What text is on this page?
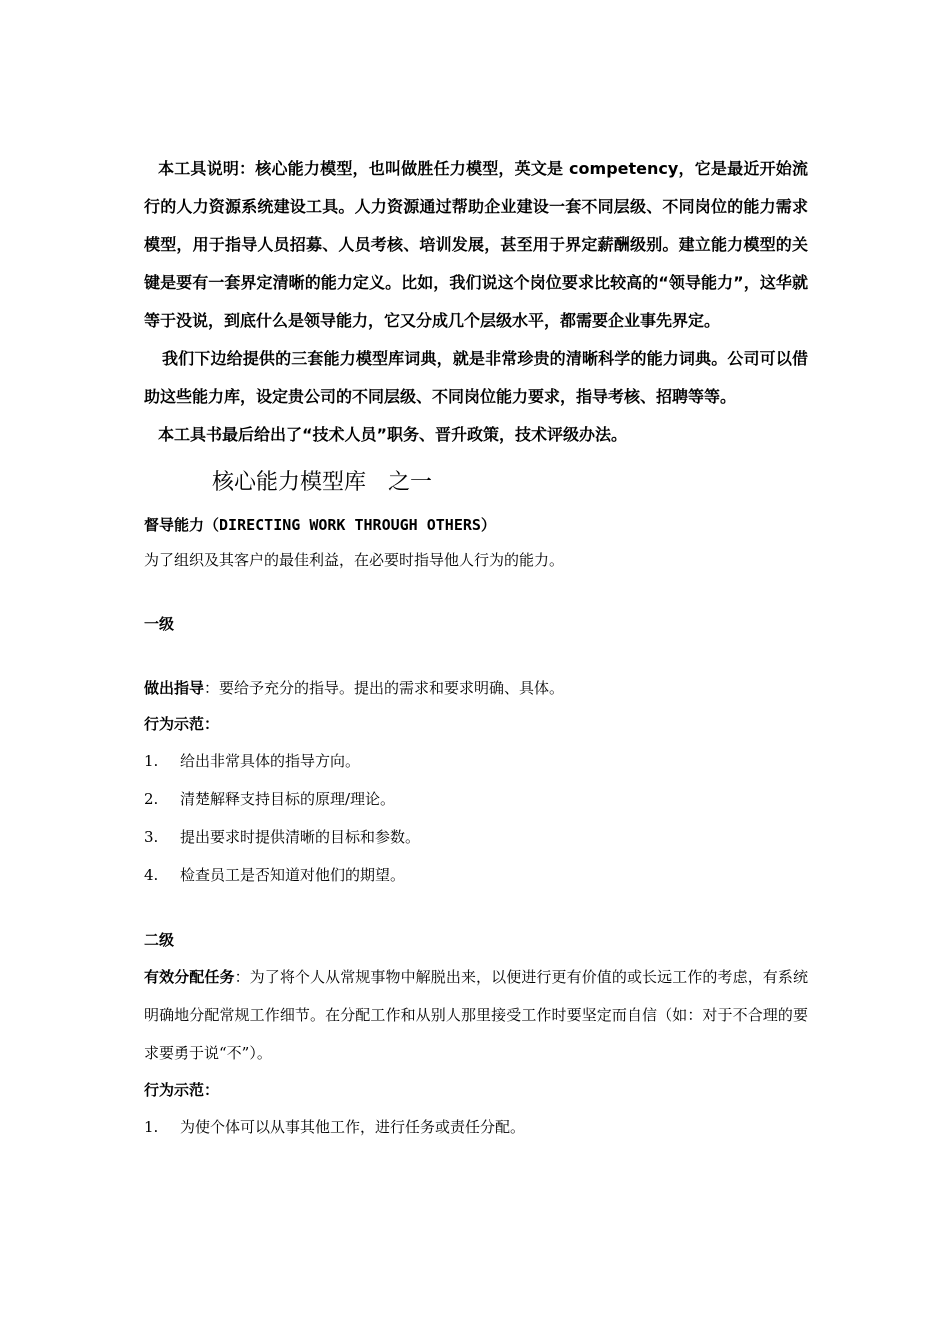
本工具说明：核心能力模型，也叫做胜任力模型，英文是 competency，它是最近开始流行的人力资源系统建设工具。人力资源通过帮助企业建设一套不同层级、不同岗位的能力需求模型，用于指导人员招募、人员考核、培训发展，甚至用于界定薪酬级别。建立能力模型的关键是要有一套界定清晰的能力定义。比如，我们说这个岗位要求比较高的“领导能力”，这华就等于没说，到底什么是领导能力，它又分成几个层级水平，都需要企业事先界定。

我们下边给提供的三套能力模型库词典，就是非常珍贵的清晰科学的能力词典。公司可以借助这些能力库，设定贵公司的不同层级、不同岗位能力要求，指导考核、招聘等等。

本工具书最后给出了“技术人员”职务、晋升政策，技术评级办法。

核心能力模型库 之一
督导能力（DIRECTING WORK THROUGH OTHERS）

为了组织及其客户的最佳利益，在必要时指导他人行为的能力。

一级

做出指导：要给予充分的指导。提出的需求和要求明确、具体。

行为示范：

1.	给出非常具体的指导方向。
2.	清楚解释支持目标的原理/理论。
3.	提出要求时提供清晰的目标和参数。
4.	检查员工是否知道对他们的期望。

二级

有效分配任务：为了将个人从常规事物中解脱出来，以便进行更有价值的或长远工作的考虑，有系统明确地分配常规工作细节。在分配工作和从别人那里接受工作时要坚定而自信（如：对于不合理的要求要勇于说“不”）。

行为示范：

1.	为使个体可以从事其他工作，进行任务或责任分配。
